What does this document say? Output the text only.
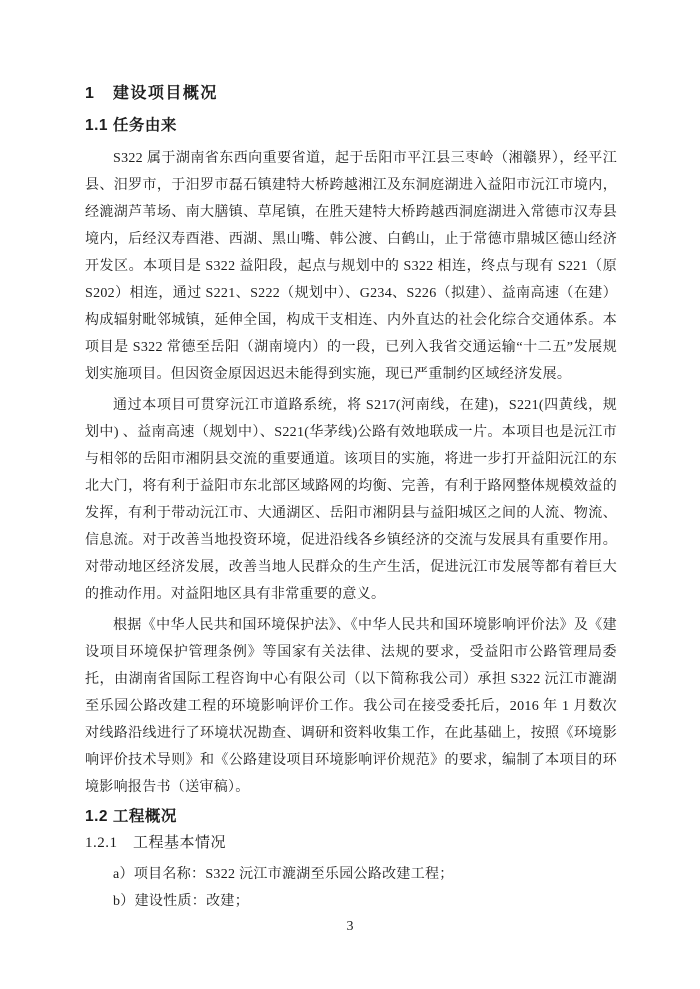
1　建设项目概况
1.1 任务由来

S322 属于湖南省东西向重要省道，起于岳阳市平江县三枣岭（湘赣界），经平江县、汨罗市，于汨罗市磊石镇建特大桥跨越湘江及东洞庭湖进入益阳市沅江市境内，经漉湖芦苇场、南大膳镇、草尾镇，在胜天建特大桥跨越西洞庭湖进入常德市汉寿县境内，后经汉寿酉港、西湖、黑山嘴、韩公渡、白鹤山，止于常德市鼎城区德山经济开发区。本项目是 S322 益阳段，起点与规划中的 S322 相连，终点与现有 S221（原 S202）相连，通过 S221、S222（规划中）、G234、S226（拟建）、益南高速（在建）构成辐射毗邻城镇，延伸全国，构成干支相连、内外直达的社会化综合交通体系。本项目是 S322 常德至岳阳（湖南境内）的一段，已列入我省交通运输“十二五”发展规划实施项目。但因资金原因迟迟未能得到实施，现已严重制约区域经济发展。

通过本项目可贯穿沅江市道路系统，将 S217(河南线，在建)，S221(四黄线，规划中) 、益南高速（规划中）、S221(华茅线)公路有效地联成一片。本项目也是沅江市与相邻的岳阳市湘阴县交流的重要通道。该项目的实施，将进一步打开益阳沅江的东北大门，将有利于益阳市东北部区域路网的均衡、完善，有利于路网整体规模效益的发挥，有利于带动沅江市、大通湖区、岳阳市湘阴县与益阳城区之间的人流、物流、信息流。对于改善当地投资环境，促进沿线各乡镇经济的交流与发展具有重要作用。对带动地区经济发展，改善当地人民群众的生产生活，促进沅江市发展等都有着巨大的推动作用。对益阳地区具有非常重要的意义。

根据《中华人民共和国环境保护法》、《中华人民共和国环境影响评价法》及《建设项目环境保护管理条例》等国家有关法律、法规的要求，受益阳市公路管理局委托，由湖南省国际工程咨询中心有限公司（以下简称我公司）承担 S322 沅江市漉湖至乐园公路改建工程的环境影响评价工作。我公司在接受委托后，2016 年 1 月数次对线路沿线进行了环境状况勘查、调研和资料收集工作，在此基础上，按照《环境影响评价技术导则》和《公路建设项目环境影响评价规范》的要求，编制了本项目的环境影响报告书（送审稿）。

1.2 工程概况
1.2.1　工程基本情况

a）项目名称：S322 沅江市漉湖至乐园公路改建工程；

b）建设性质：改建；

3
